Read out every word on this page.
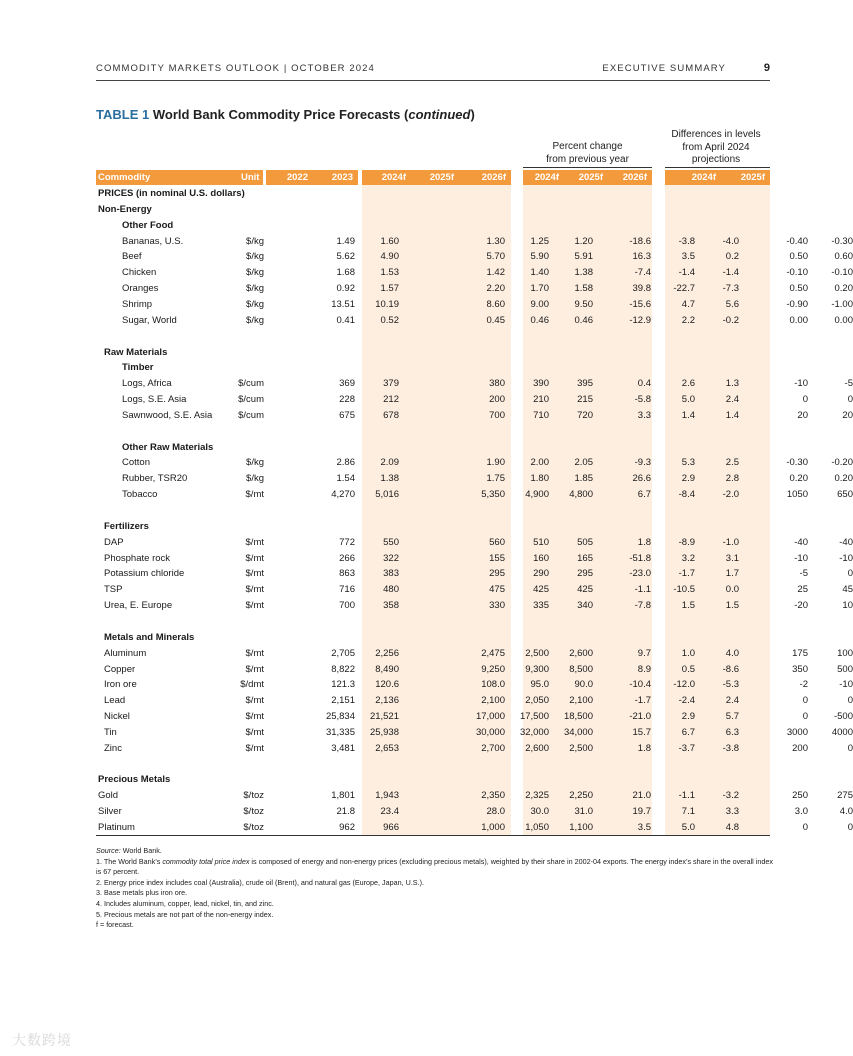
COMMODITY MARKETS OUTLOOK | OCTOBER 2024	EXECUTIVE SUMMARY	9
TABLE 1 World Bank Commodity Price Forecasts (continued)
Percent change
from previous year
Differences in levels
from April 2024
projections
Commodity	Unit	2022	2023	2024f	2025f	2026f	2024f	2025f	2026f	2024f	2025f
PRICES (in nominal U.S. dollars)
Non-Energy
Other Food
Bananas, U.S.	$/kg	1.49	1.60	1.30	1.25	1.20	-18.6	-3.8	-4.0	-0.40	-0.30
Beef	$/kg	5.62	4.90	5.70	5.90	5.91	16.3	3.5	0.2	0.50	0.60
Chicken	$/kg	1.68	1.53	1.42	1.40	1.38	-7.4	-1.4	-1.4	-0.10	-0.10
Oranges	$/kg	0.92	1.57	2.20	1.70	1.58	39.8	-22.7	-7.3	0.50	0.20
Shrimp	$/kg	13.51	10.19	8.60	9.00	9.50	-15.6	4.7	5.6	-0.90	-1.00
Sugar, World	$/kg	0.41	0.52	0.45	0.46	0.46	-12.9	2.2	-0.2	0.00	0.00
Raw Materials
Timber
Logs, Africa	$/cum	369	379	380	390	395	0.4	2.6	1.3	-10	-5
Logs, S.E. Asia	$/cum	228	212	200	210	215	-5.8	5.0	2.4	0	0
Sawnwood, S.E. Asia	$/cum	675	678	700	710	720	3.3	1.4	1.4	20	20
Other Raw Materials
Cotton	$/kg	2.86	2.09	1.90	2.00	2.05	-9.3	5.3	2.5	-0.30	-0.20
Rubber, TSR20	$/kg	1.54	1.38	1.75	1.80	1.85	26.6	2.9	2.8	0.20	0.20
Tobacco	$/mt	4,270	5,016	5,350	4,900	4,800	6.7	-8.4	-2.0	1050	650
Fertilizers
DAP	$/mt	772	550	560	510	505	1.8	-8.9	-1.0	-40	-40
Phosphate rock	$/mt	266	322	155	160	165	-51.8	3.2	3.1	-10	-10
Potassium chloride	$/mt	863	383	295	290	295	-23.0	-1.7	1.7	-5	0
TSP	$/mt	716	480	475	425	425	-1.1	-10.5	0.0	25	45
Urea, E. Europe	$/mt	700	358	330	335	340	-7.8	1.5	1.5	-20	10
Metals and Minerals
Aluminum	$/mt	2,705	2,256	2,475	2,500	2,600	9.7	1.0	4.0	175	100
Copper	$/mt	8,822	8,490	9,250	9,300	8,500	8.9	0.5	-8.6	350	500
Iron ore	$/dmt	121.3	120.6	108.0	95.0	90.0	-10.4	-12.0	-5.3	-2	-10
Lead	$/mt	2,151	2,136	2,100	2,050	2,100	-1.7	-2.4	2.4	0	0
Nickel	$/mt	25,834	21,521	17,000	17,500	18,500	-21.0	2.9	5.7	0	-500
Tin	$/mt	31,335	25,938	30,000	32,000	34,000	15.7	6.7	6.3	3000	4000
Zinc	$/mt	3,481	2,653	2,700	2,600	2,500	1.8	-3.7	-3.8	200	0
Precious Metals
Gold	$/toz	1,801	1,943	2,350	2,325	2,250	21.0	-1.1	-3.2	250	275
Silver	$/toz	21.8	23.4	28.0	30.0	31.0	19.7	7.1	3.3	3.0	4.0
Platinum	$/toz	962	966	1,000	1,050	1,100	3.5	5.0	4.8	0	0

Source: World Bank.

1. The World Bank’s commodity total price index is composed of energy and non-energy prices (excluding precious metals), weighted by their share in 2002-04 exports. The energy index’s share in the overall index is 67 percent.

2. Energy price index includes coal (Australia), crude oil (Brent), and natural gas (Europe, Japan, U.S.).

3. Base metals plus iron ore.

4. Includes aluminum, copper, lead, nickel, tin, and zinc.

5. Precious metals are not part of the non-energy index.

f = forecast.

大数跨境
